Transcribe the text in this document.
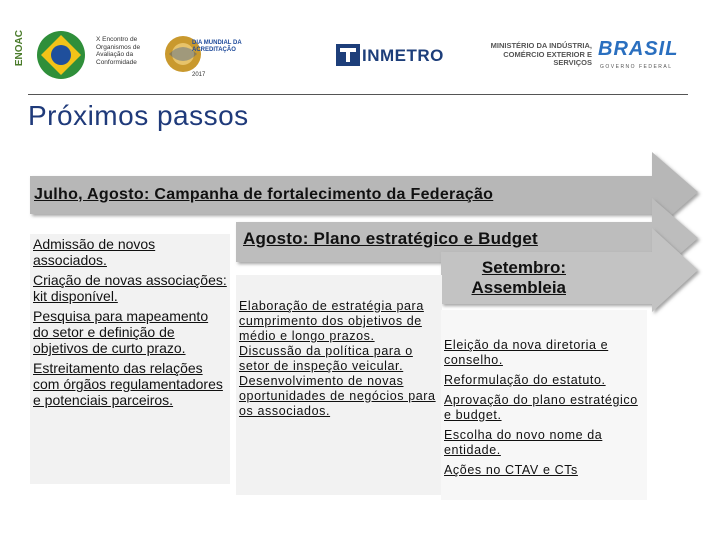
ENOAC	X Encontro de Organismos de Avaliação da Conformidade
DIA MUNDIAL DA ACREDITAÇÃO
2017
INMETRO
MINISTÉRIO DA INDÚSTRIA, COMÉRCIO EXTERIOR E SERVIÇOS
BRASIL
GOVERNO FEDERAL
Próximos passos
Julho, Agosto: Campanha de fortalecimento da Federação
Agosto: Plano estratégico e Budget
Setembro: Assembleia
Admissão de novos associados.
Criação de novas associações: kit disponível.
Pesquisa para mapeamento do setor e definição de objetivos de curto prazo.
Estreitamento das relações com órgãos regulamentadores e potenciais parceiros.
Elaboração de estratégia para cumprimento dos objetivos de médio e longo prazos.
Discussão da política para o setor de inspeção veicular.
Desenvolvimento de novas oportunidades de negócios para os associados.
Eleição da nova diretoria e conselho.
Reformulação do estatuto.
Aprovação do plano estratégico e budget.
Escolha do novo nome da entidade.
Ações no CTAV e CTs
